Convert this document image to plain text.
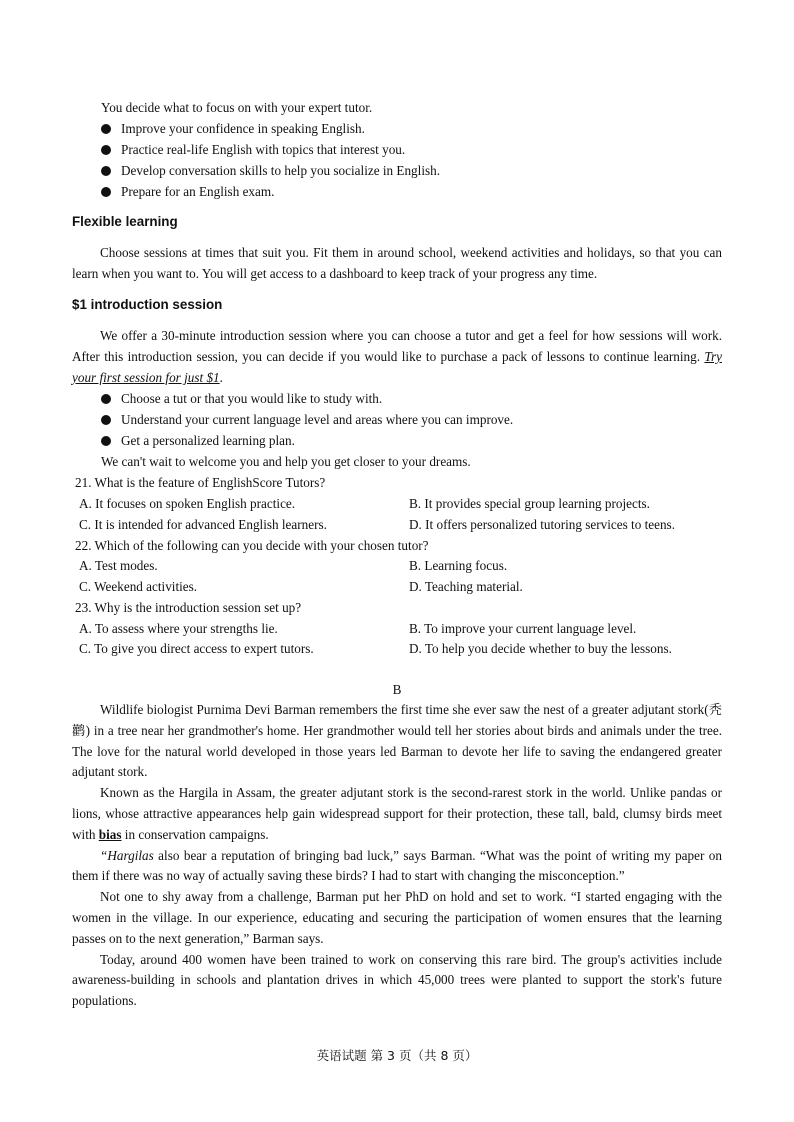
You decide what to focus on with your expert tutor.
Improve your confidence in speaking English.
Practice real-life English with topics that interest you.
Develop conversation skills to help you socialize in English.
Prepare for an English exam.
Flexible learning

Choose sessions at times that suit you. Fit them in around school, weekend activities and holidays, so that you can learn when you want to. You will get access to a dashboard to keep track of your progress any time.

$1 introduction session

We offer a 30-minute introduction session where you can choose a tutor and get a feel for how sessions will work. After this introduction session, you can decide if you would like to purchase a pack of lessons to continue learning. Try your first session for just $1.

Choose a tut or that you would like to study with.
Understand your current language level and areas where you can improve.
Get a personalized learning plan.
We can't wait to welcome you and help you get closer to your dreams.
21. What is the feature of EnglishScore Tutors?
A. It focuses on spoken English practice.	B. It provides special group learning projects.
C. It is intended for advanced English learners.	D. It offers personalized tutoring services to teens.
22. Which of the following can you decide with your chosen tutor?
A. Test modes.	B. Learning focus.
C. Weekend activities.	D. Teaching material.
23. Why is the introduction session set up?
A. To assess where your strengths lie.	B. To improve your current language level.
C. To give you direct access to expert tutors.	D. To help you decide whether to buy the lessons.
B

Wildlife biologist Purnima Devi Barman remembers the first time she ever saw the nest of a greater adjutant stork(秃鹳) in a tree near her grandmother's home. Her grandmother would tell her stories about birds and animals under the tree. The love for the natural world developed in those years led Barman to devote her life to saving the endangered greater adjutant stork.

Known as the Hargila in Assam, the greater adjutant stork is the second-rarest stork in the world. Unlike pandas or lions, whose attractive appearances help gain widespread support for their protection, these tall, bald, clumsy birds meet with bias in conservation campaigns.

“Hargilas also bear a reputation of bringing bad luck,” says Barman. “What was the point of writing my paper on them if there was no way of actually saving these birds? I had to start with changing the misconception.”

Not one to shy away from a challenge, Barman put her PhD on hold and set to work. “I started engaging with the women in the village. In our experience, educating and securing the participation of women ensures that the learning passes on to the next generation,” Barman says.

Today, around 400 women have been trained to work on conserving this rare bird. The group's activities include awareness-building in schools and plantation drives in which 45,000 trees were planted to support the stork's future populations.

英语试题 第 3 页（共 8 页）
